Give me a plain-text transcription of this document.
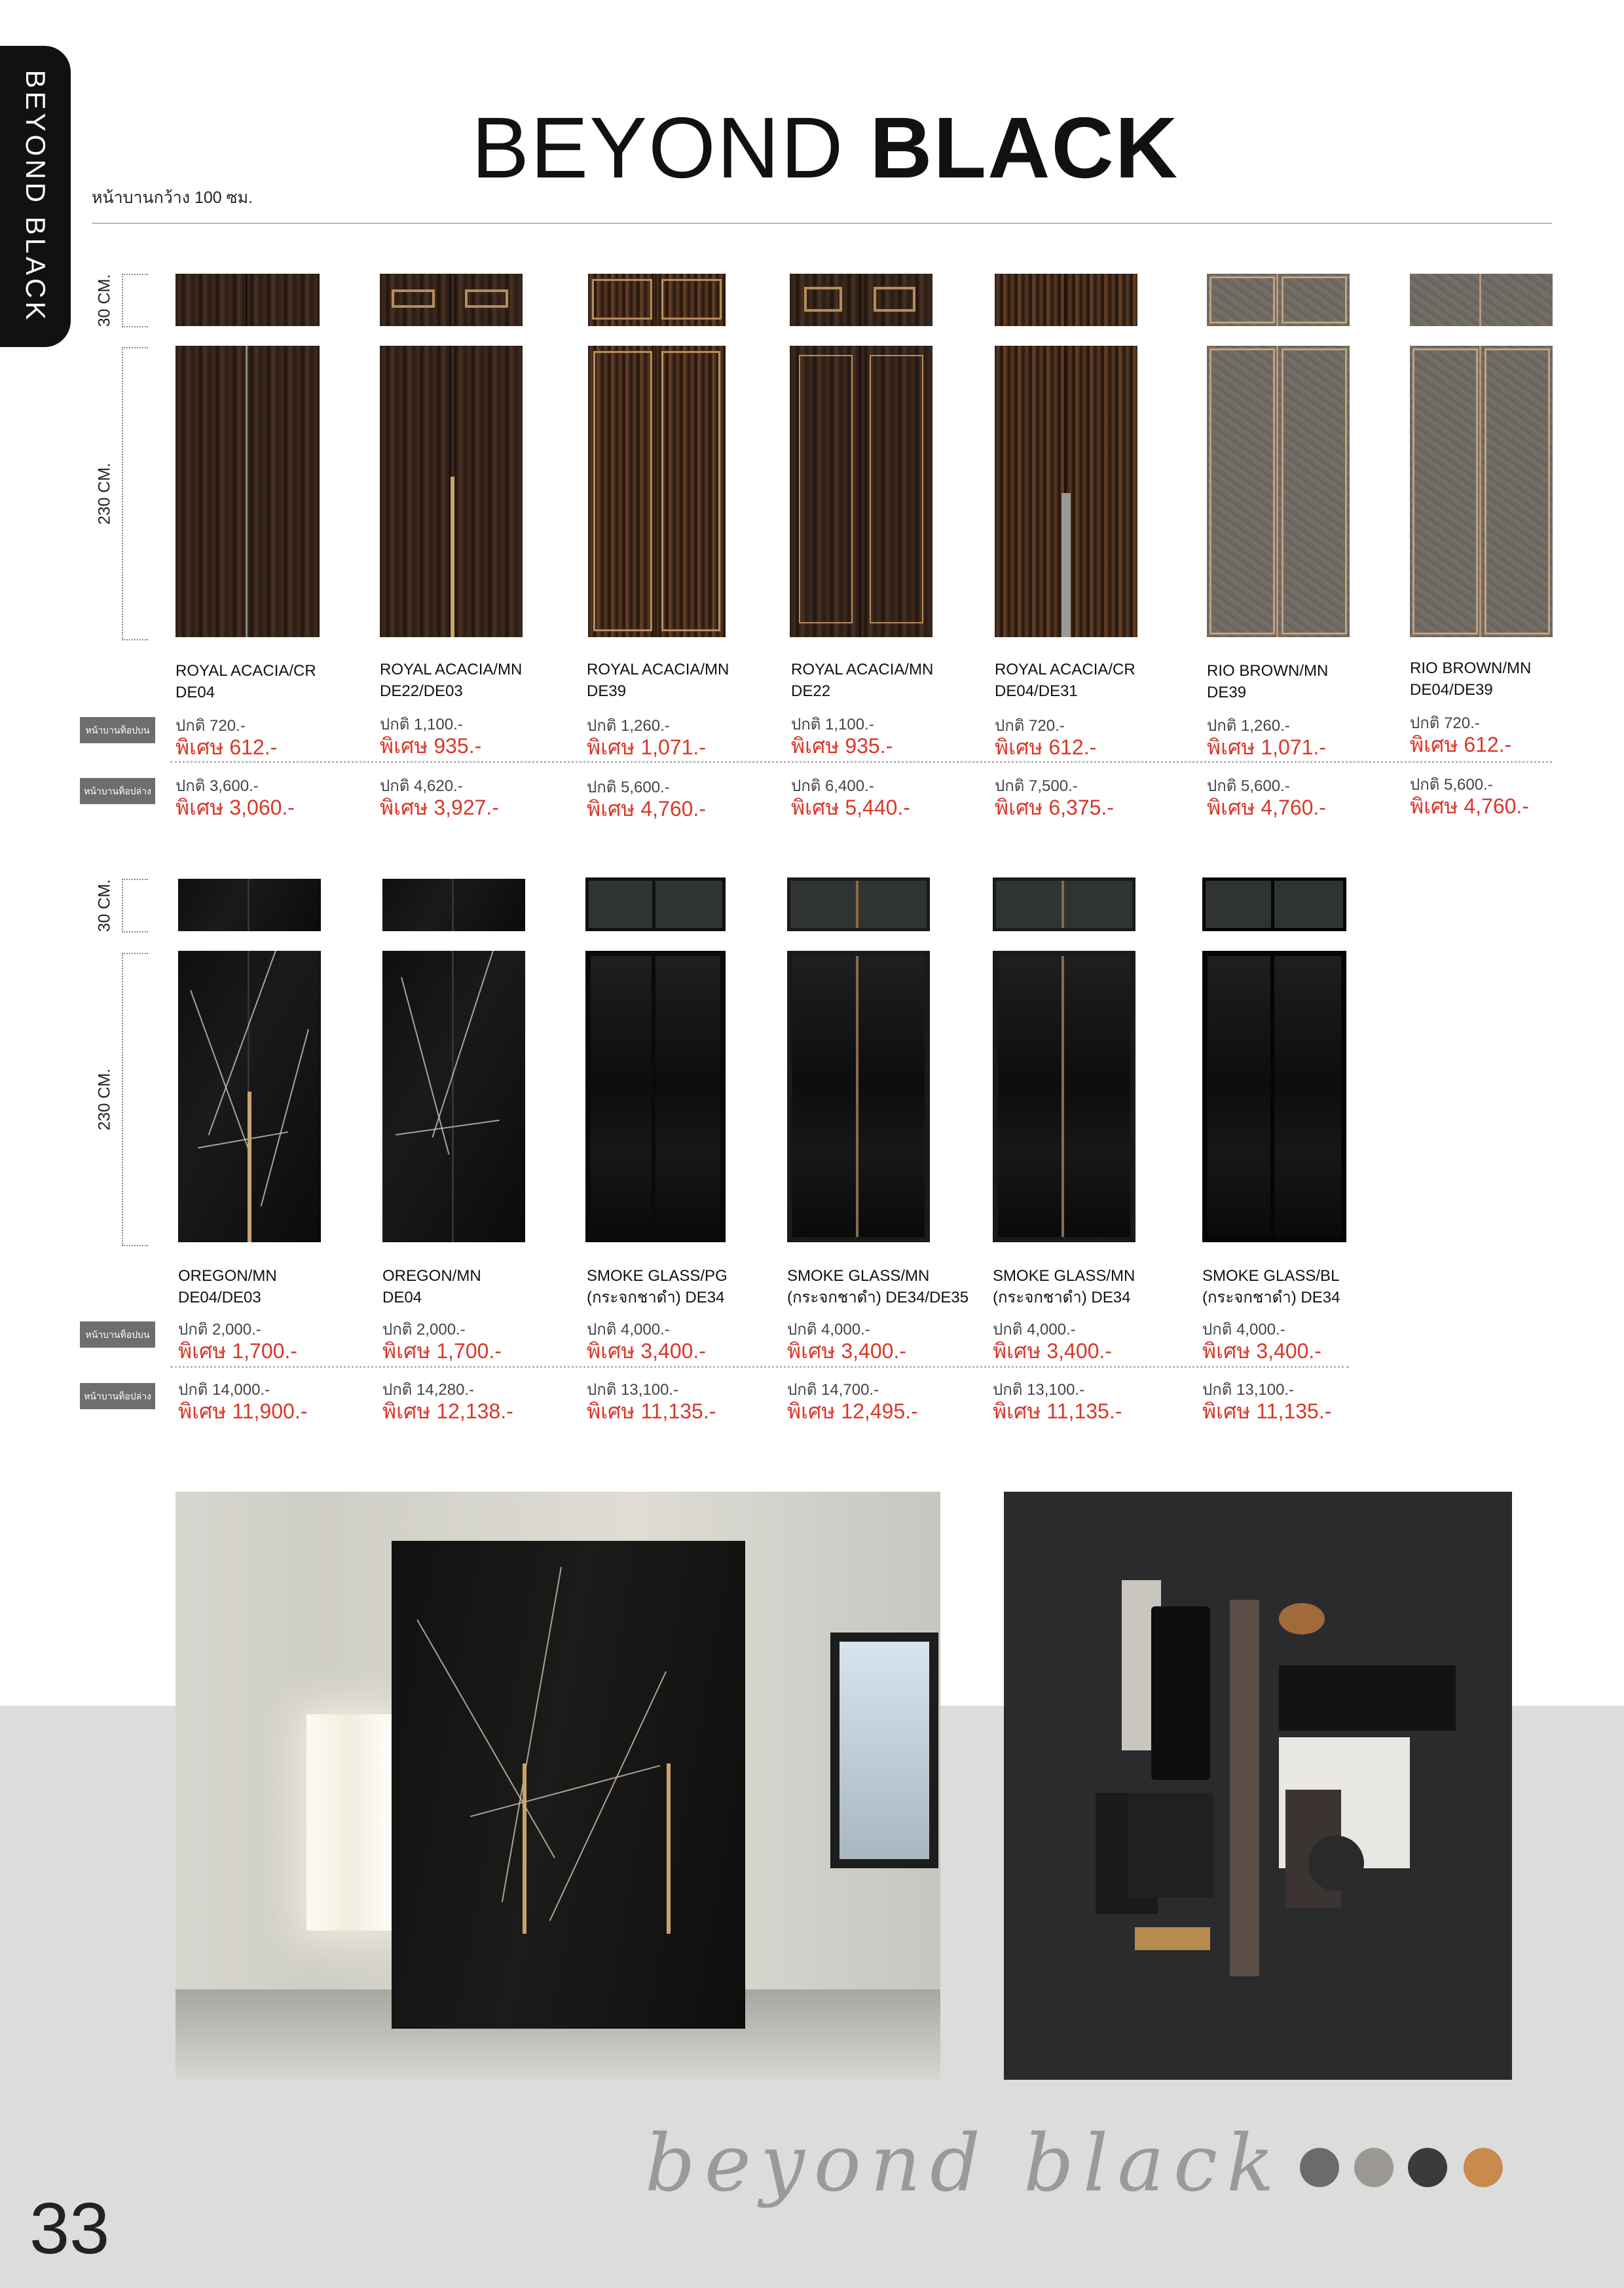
BEYOND BLACK	BEYOND BLACK
หน้าบานกว้าง 100 ซม.
30 CM.
230 CM.
ROYAL ACACIA/CR
DE04
ROYAL ACACIA/MN
DE22/DE03
ROYAL ACACIA/MN
DE39
ROYAL ACACIA/MN
DE22
ROYAL ACACIA/CR
DE04/DE31
RIO BROWN/MN
DE39
RIO BROWN/MN
DE04/DE39
หน้าบานท็อปบน
หน้าบานท็อปล่าง
ปกติ 720.-
พิเศษ 612.-
ปกติ 3,600.-
พิเศษ 3,060.-
ปกติ 1,100.-
พิเศษ 935.-
ปกติ 4,620.-
พิเศษ 3,927.-
ปกติ 1,260.-
พิเศษ 1,071.-
ปกติ 5,600.-
พิเศษ 4,760.-
ปกติ 1,100.-
พิเศษ 935.-
ปกติ 6,400.-
พิเศษ 5,440.-
ปกติ 720.-
พิเศษ 612.-
ปกติ 7,500.-
พิเศษ 6,375.-
ปกติ 1,260.-
พิเศษ 1,071.-
ปกติ 5,600.-
พิเศษ 4,760.-
ปกติ 720.-
พิเศษ 612.-
ปกติ 5,600.-
พิเศษ 4,760.-
30 CM.
230 CM.
OREGON/MN
DE04/DE03
OREGON/MN
DE04
SMOKE GLASS/PG
(กระจกชาดำ) DE34
SMOKE GLASS/MN
(กระจกชาดำ) DE34/DE35
SMOKE GLASS/MN
(กระจกชาดำ) DE34
SMOKE GLASS/BL
(กระจกชาดำ) DE34
หน้าบานท็อปบน
หน้าบานท็อปล่าง
ปกติ 2,000.-
พิเศษ 1,700.-
ปกติ 14,000.-
พิเศษ 11,900.-
ปกติ 2,000.-
พิเศษ 1,700.-
ปกติ 14,280.-
พิเศษ 12,138.-
ปกติ 4,000.-
พิเศษ 3,400.-
ปกติ 13,100.-
พิเศษ 11,135.-
ปกติ 4,000.-
พิเศษ 3,400.-
ปกติ 14,700.-
พิเศษ 12,495.-
ปกติ 4,000.-
พิเศษ 3,400.-
ปกติ 13,100.-
พิเศษ 11,135.-
ปกติ 4,000.-
พิเศษ 3,400.-
ปกติ 13,100.-
พิเศษ 11,135.-
beyond black
33
